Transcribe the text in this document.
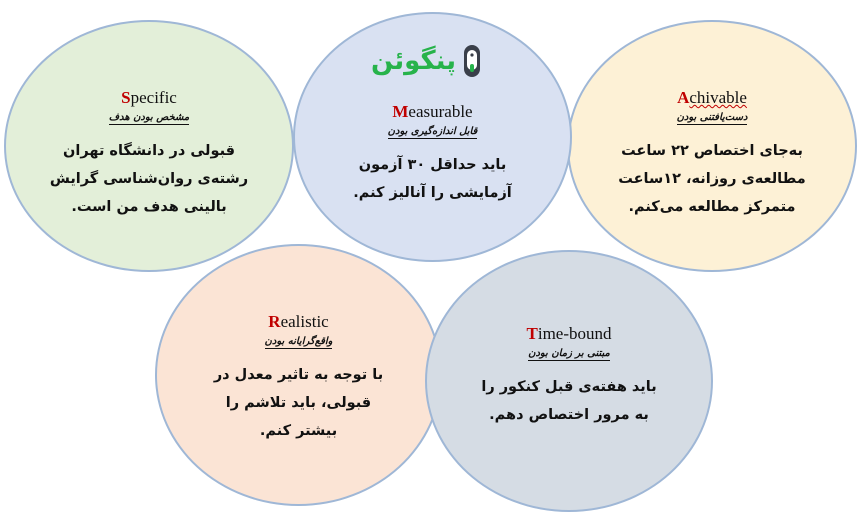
Specific
مشخص بودن هدف
قبولی در دانشگاه تهران رشته‌ی روان‌شناسی گرایش بالینی هدف من است.
Achivable
دست‌یافتنی بودن
به‌جای اختصاص ۲۲ ساعت مطالعه‌ی روزانه، ۱۲ساعت متمرکز مطالعه می‌کنم.
Realistic
واقع‌گرایانه بودن
با توجه به تاثیر معدل در قبولی، باید تلاشم را بیشتر کنم.
Measurable
قابل اندازه‌گیری بودن
باید حداقل ۳۰ آزمون آزمایشی را آنالیز کنم.
Time-bound
مبتنی بر زمان بودن
باید هفته‌ی قبل کنکور را به مرور اختصاص دهم.
پنگوئن
